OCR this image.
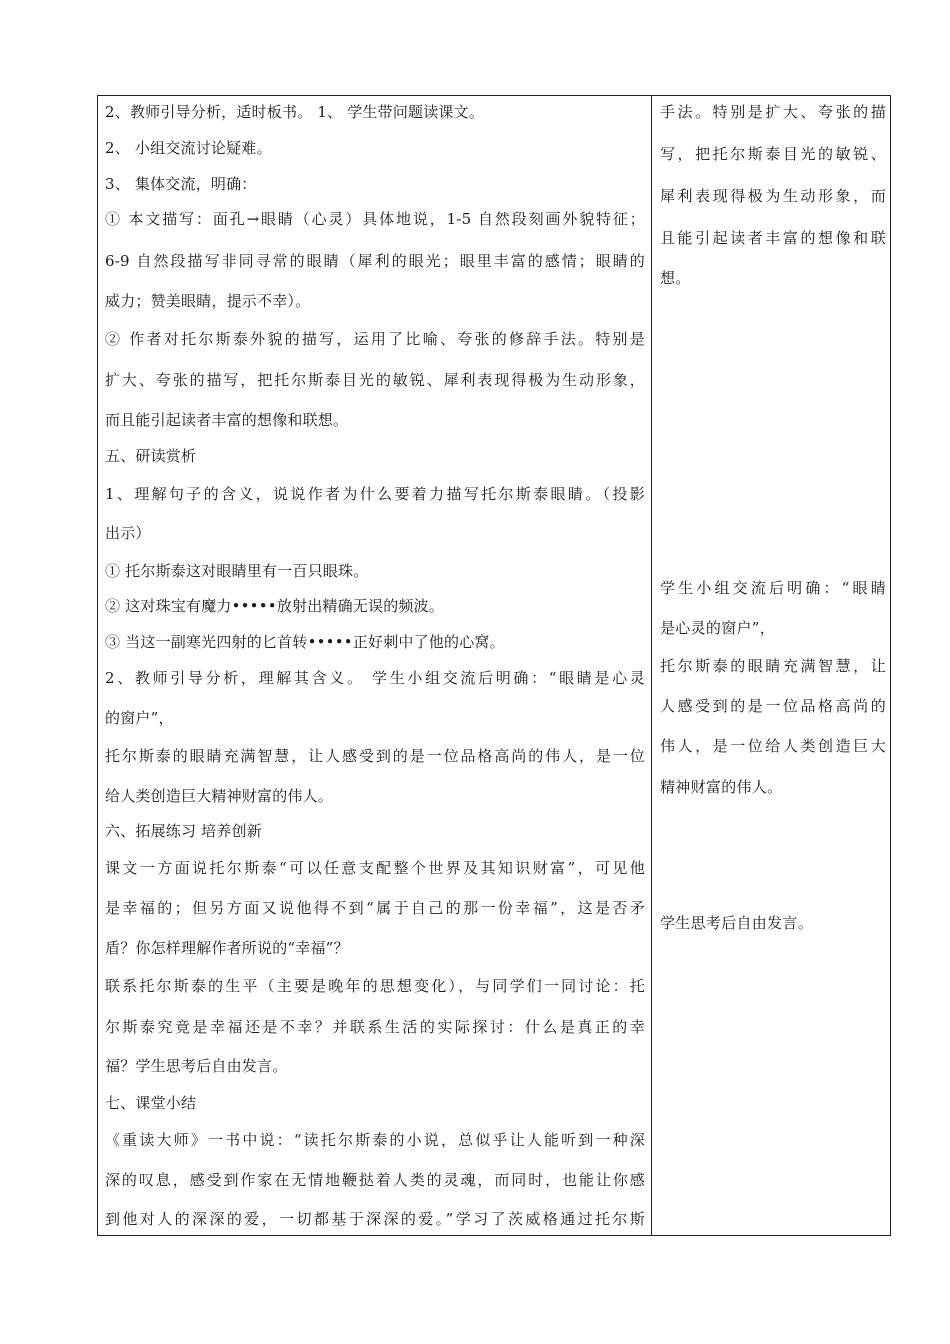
2、教师引导分析，适时板书。 1、 学生带问题读课文。
2、 小组交流讨论疑难。
3、 集体交流，明确：
① 本文描写：面孔→眼睛（心灵）具体地说，1-5 自然段刻画外貌特征；
6-9 自然段描写非同寻常的眼睛（犀利的眼光；眼里丰富的感情；眼睛的
威力；赞美眼睛，提示不幸）。
② 作者对托尔斯泰外貌的描写，运用了比喻、夸张的修辞手法。特别是
扩大、夸张的描写，把托尔斯泰目光的敏锐、犀利表现得极为生动形象，
而且能引起读者丰富的想像和联想。
五、研读赏析
1、理解句子的含义，说说作者为什么要着力描写托尔斯泰眼睛。（投影
出示）
① 托尔斯泰这对眼睛里有一百只眼珠。
② 这对珠宝有魔力•••••放射出精确无误的频波。
③ 当这一副寒光四射的匕首转•••••正好刺中了他的心窝。
2、教师引导分析，理解其含义。 学生小组交流后明确：“眼睛是心灵
的窗户”，
托尔斯泰的眼睛充满智慧，让人感受到的是一位品格高尚的伟人，是一位
给人类创造巨大精神财富的伟人。
六、拓展练习 培养创新
课文一方面说托尔斯泰“可以任意支配整个世界及其知识财富”，可见他
是幸福的；但另方面又说他得不到“属于自己的那一份幸福”，这是否矛
盾？你怎样理解作者所说的“幸福”？
联系托尔斯泰的生平（主要是晚年的思想变化），与同学们一同讨论：托
尔斯泰究竟是幸福还是不幸？并联系生活的实际探讨：什么是真正的幸
福？学生思考后自由发言。
七、课堂小结
《重读大师》一书中说：“读托尔斯泰的小说，总似乎让人能听到一种深
深的叹息，感受到作家在无情地鞭挞着人类的灵魂，而同时，也能让你感
到他对人的深深的爱，一切都基于深深的爱。”学习了茨威格通过托尔斯
手法。特别是扩大、夸张的描
写，把托尔斯泰目光的敏锐、
犀利表现得极为生动形象，而
且能引起读者丰富的想像和联
想。
学生小组交流后明确：“眼睛
是心灵的窗户”，
托尔斯泰的眼睛充满智慧，让
人感受到的是一位品格高尚的
伟人，是一位给人类创造巨大
精神财富的伟人。
学生思考后自由发言。
